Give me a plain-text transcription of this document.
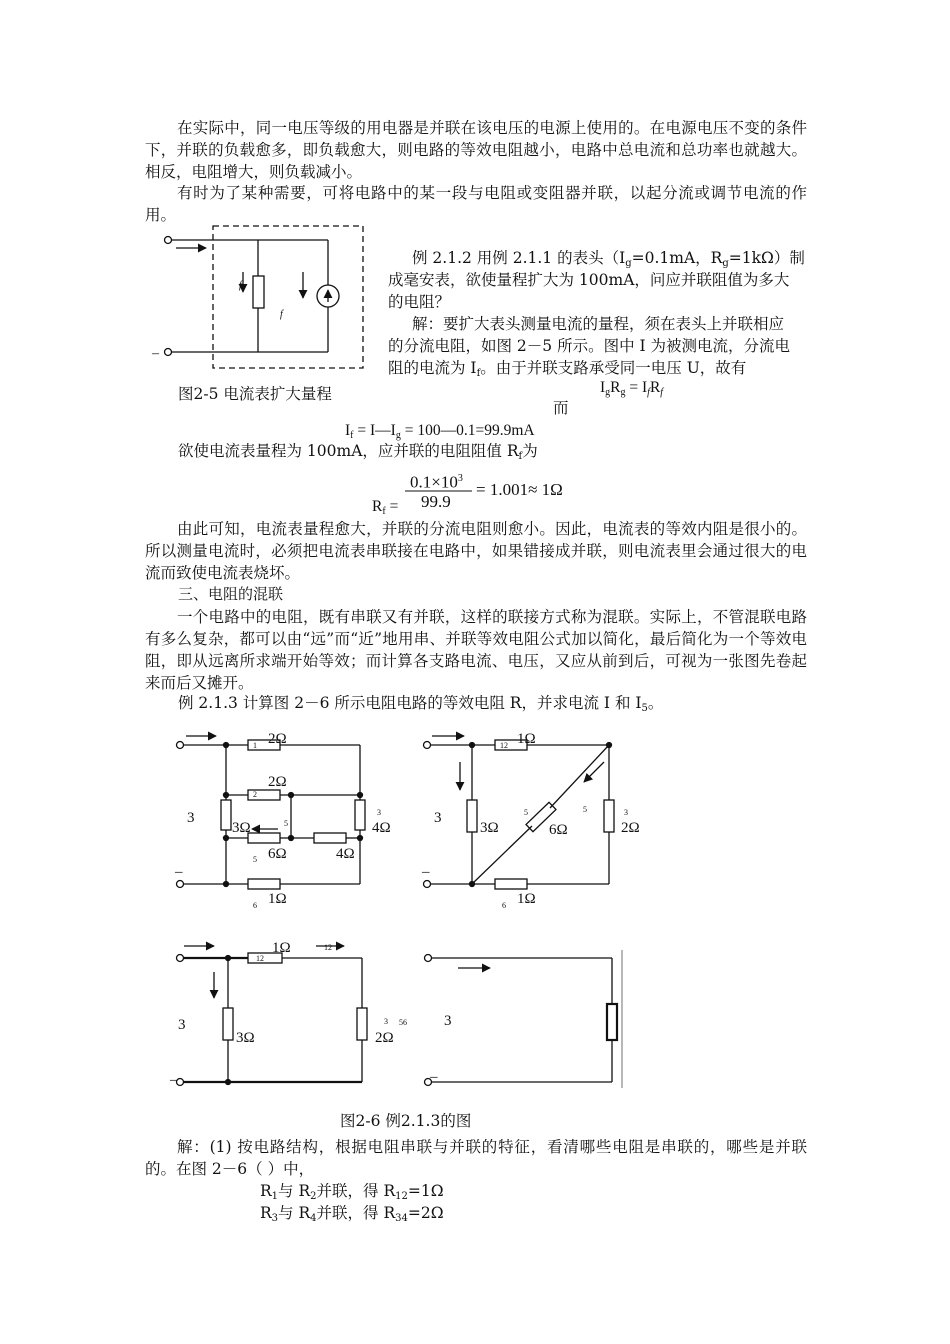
在实际中，同一电压等级的用电器是并联在该电压的电源上使用的。在电源电压不变的条件下，并联的负载愈多，即负载愈大，则电路的等效电阻越小，电路中总电流和总功率也就越大。相反，电阻增大，则负载减小。
有时为了某种需要，可将电路中的某一段与电阻或变阻器并联，以起分流或调节电流的作用。
例 2.1.2 用例 2.1.1 的表头（$I_g=0.1mA$，$R_g=1k\Omega$）制
成毫安表，欲使量程扩大为 100mA，问应并联阻值为多大
的电阻？
解：要扩大表头测量电流的量程，须在表头上并联相应
的分流电阻，如图 2－5 所示。图中 I 为被测电流，分流电
阻的电流为 $I_f$。由于并联支路承受同一电压 U，故有
图2-5 电流表扩大量程	$I_gR_g = I_fR_f$
而
$I_f$ = $I—I_g$ = 100—0.1=99.9mA
欲使电流表量程为 100mA，应并联的电阻阻值 $R_f$为
$0.1\times 10^3$
99.9
= 1.001≈ 1Ω
$R_f$ =
由此可知，电流表量程愈大，并联的分流电阻则愈小。因此，电流表的等效内阻是很小的。所以测量电流时，必须把电流表串联接在电路中，如果错接成并联，则电流表里会通过很大的电流而致使电流表烧坏。
三、电阻的混联
一个电路中的电阻，既有串联又有并联，这样的联接方式称为混联。实际上，不管混联电路有多么复杂，都可以由“远”而“近”地用串、并联等效电阻公式加以简化，最后简化为一个等效电阻，即从远离所求端开始等效；而计算各支路电流、电压，又应从前到后，可视为一张图先卷起来而后又摊开。
例 2.1.3 计算图 2－6 所示电阻电路的等效电阻 R，并求电流 I 和 $I_5$。
图2-6 例2.1.3的图
解：(1) 按电路结构，根据电阻串联与并联的特征，看清哪些电阻是串联的，哪些是并联的。在图 2－6（ ）中，
$R_1$与 $R_2$并联，得 $R_{12}=1\Omega$
$R_3$与 $R_4$并联，得 $R_{34}=2\Omega$
f
f
–
2Ω
2Ω
3Ω	4Ω
6Ω	4Ω
1Ω
3
–
1
2
3
5
5
6
1Ω
3Ω	6Ω	2Ω
1Ω
3
–
12
5	5	3
6
1Ω
3Ω	2Ω
3
–
12
12
3 56 3
–
